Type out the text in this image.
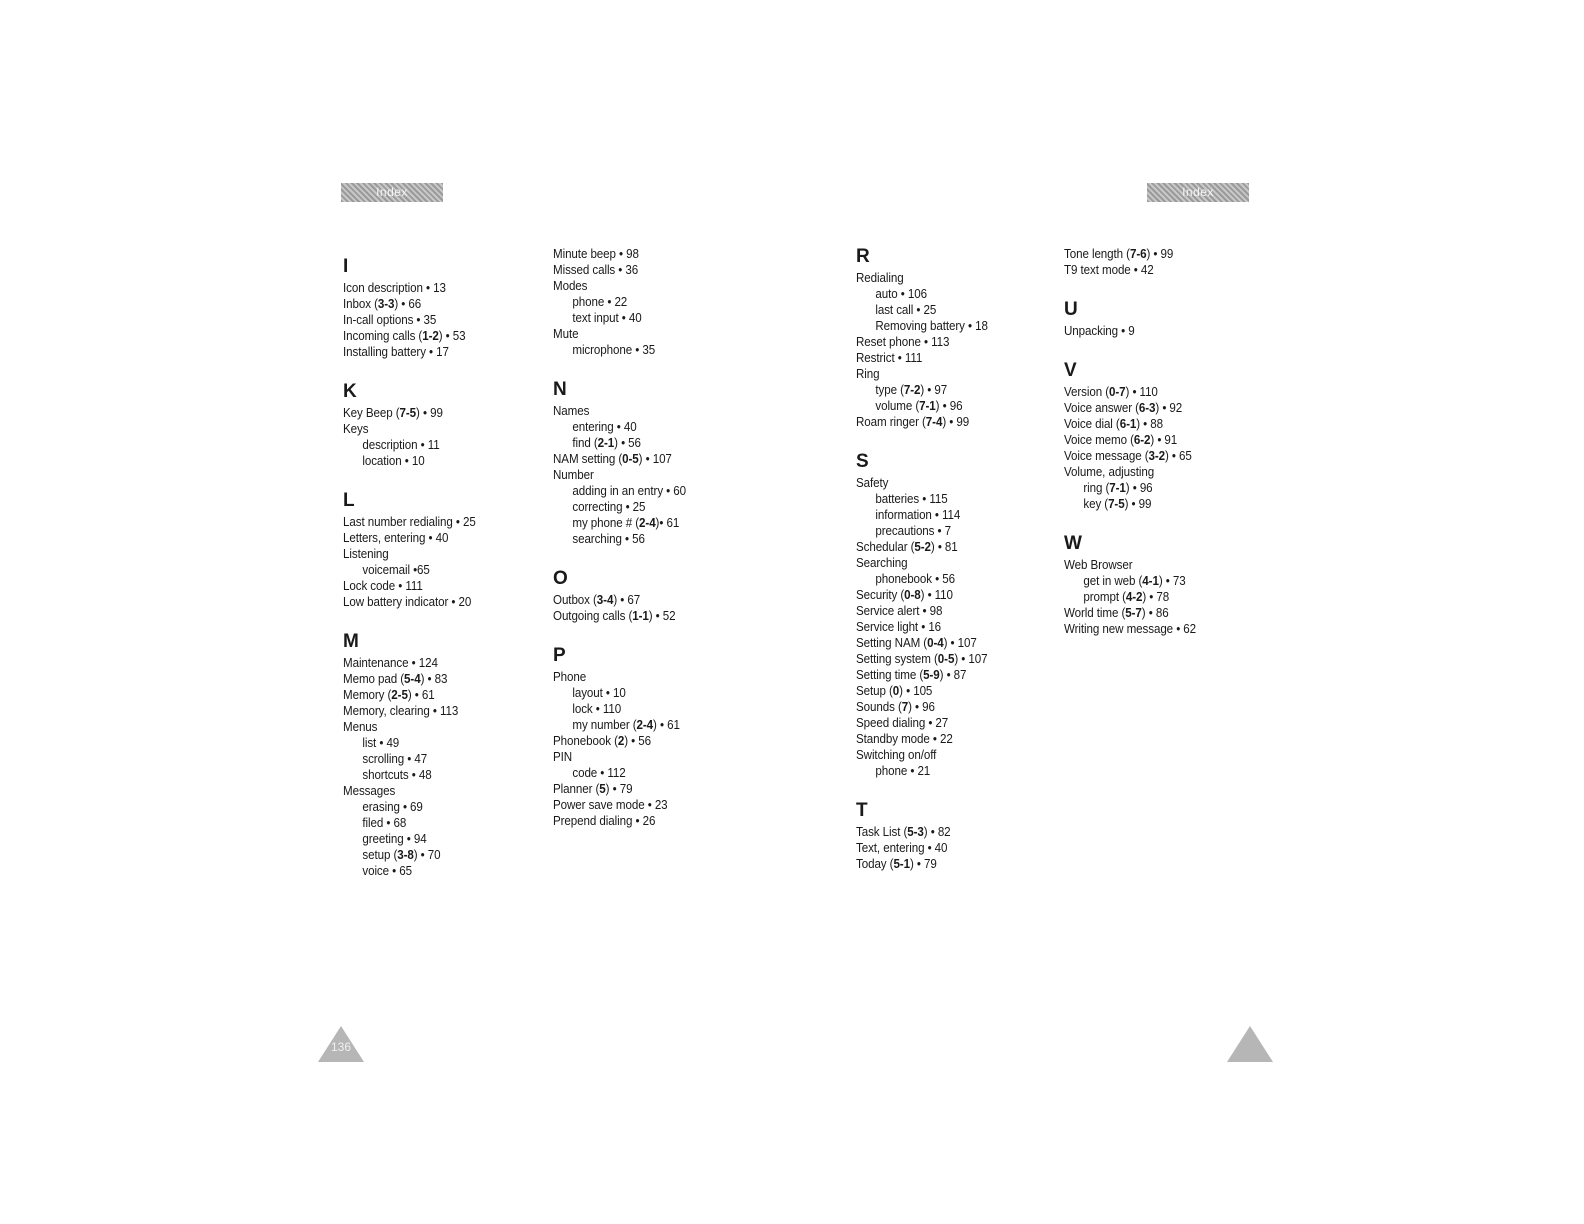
Index	Index
I
Icon description • 13
Inbox (3-3) • 66
In-call options • 35
Incoming calls (1-2) • 53
Installing battery • 17
K
Key Beep (7-5) • 99
Keys
description • 11
location • 10
L
Last number redialing • 25
Letters, entering • 40
Listening
voicemail •65
Lock code • 111
Low battery indicator • 20
M
Maintenance • 124
Memo pad (5-4) • 83
Memory (2-5) • 61
Memory, clearing • 113
Menus
list • 49
scrolling • 47
shortcuts • 48
Messages
erasing • 69
filed • 68
greeting • 94
setup (3-8) • 70
voice • 65
Minute beep • 98
Missed calls • 36
Modes
phone • 22
text input • 40
Mute
microphone • 35
N
Names
entering • 40
find (2-1) • 56
NAM setting (0-5) • 107
Number
adding in an entry • 60
correcting • 25
my phone # (2-4)• 61
searching • 56
O
Outbox (3-4) • 67
Outgoing calls (1-1) • 52
P
Phone
layout • 10
lock • 110
my number (2-4) • 61
Phonebook (2) • 56
PIN
code • 112
Planner (5) • 79
Power save mode • 23
Prepend dialing • 26
R
Redialing
auto • 106
last call • 25
Removing battery • 18
Reset phone • 113
Restrict • 111
Ring
type (7-2) • 97
volume (7-1) • 96
Roam ringer (7-4) • 99
S
Safety
batteries • 115
information • 114
precautions • 7
Schedular (5-2) • 81
Searching
phonebook • 56
Security (0-8) • 110
Service alert • 98
Service light • 16
Setting NAM (0-4) • 107
Setting system (0-5) • 107
Setting time (5-9) • 87
Setup (0) • 105
Sounds (7) • 96
Speed dialing • 27
Standby mode • 22
Switching on/off
phone • 21
T
Task List (5-3) • 82
Text, entering • 40
Today (5-1) • 79
Tone length (7-6) • 99
T9 text mode • 42
U
Unpacking • 9
V
Version (0-7) • 110
Voice answer (6-3) • 92
Voice dial (6-1) • 88
Voice memo (6-2) • 91
Voice message (3-2) • 65
Volume, adjusting
ring (7-1) • 96
key (7-5) • 99
W
Web Browser
get in web (4-1) • 73
prompt (4-2) • 78
World time (5-7) • 86
Writing new message • 62
136
